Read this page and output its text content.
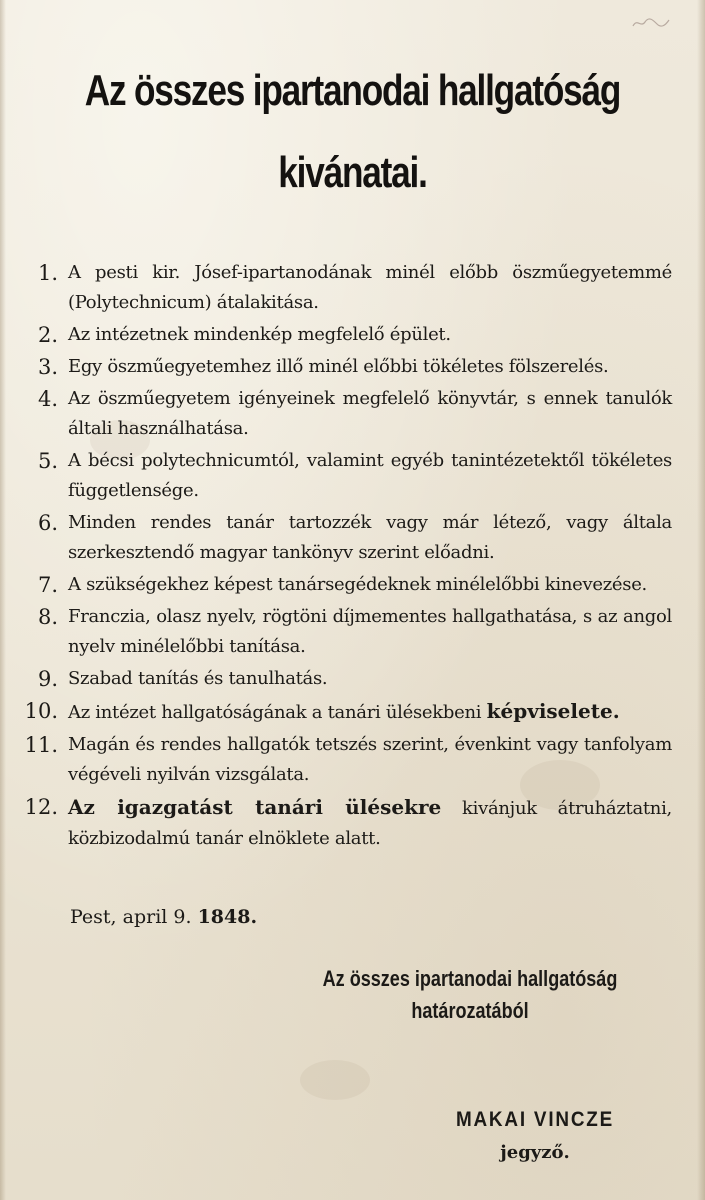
Az összes ipartanodai hallgatóság
kivánatai.
1. A pesti kir. Jósef-ipartanodának minél előbb öszműegyetemmé (Polytechnicum) átalakitása.
2. Az intézetnek mindenkép megfelelő épület.
3. Egy öszműegyetemhez illő minél előbbi tökéletes fölszerelés.
4. Az öszműegyetem igényeinek megfelelő könyvtár, s ennek tanulók általi használhatása.
5. A bécsi polytechnicumtól, valamint egyéb tanintézetektől tökéletes függetlensége.
6. Minden rendes tanár tartozzék vagy már létező, vagy általa szerkesztendő magyar tankönyv szerint előadni.
7. A szükségekhez képest tanársegédeknek minélelőbbi kinevezése.
8. Franczia, olasz nyelv, rögtöni díjmementes hallgathatása, s az angol nyelv minélelőbbi tanítása.
9. Szabad tanítás és tanulhatás.
10. Az intézet hallgatóságának a tanári ülésekbeni képviselete.
11. Magán és rendes hallgatók tetszés szerint, évenkint vagy tanfolyam végéveli nyilván vizsgálata.
12. Az igazgatást tanári ülésekre kivánjuk átruháztatni, közbizodalmú tanár elnöklete alatt.
Pest, april 9. 1848.
Az összes ipartanodai hallgatóság
határozatából
MAKAI VINCZE
jegyző.
